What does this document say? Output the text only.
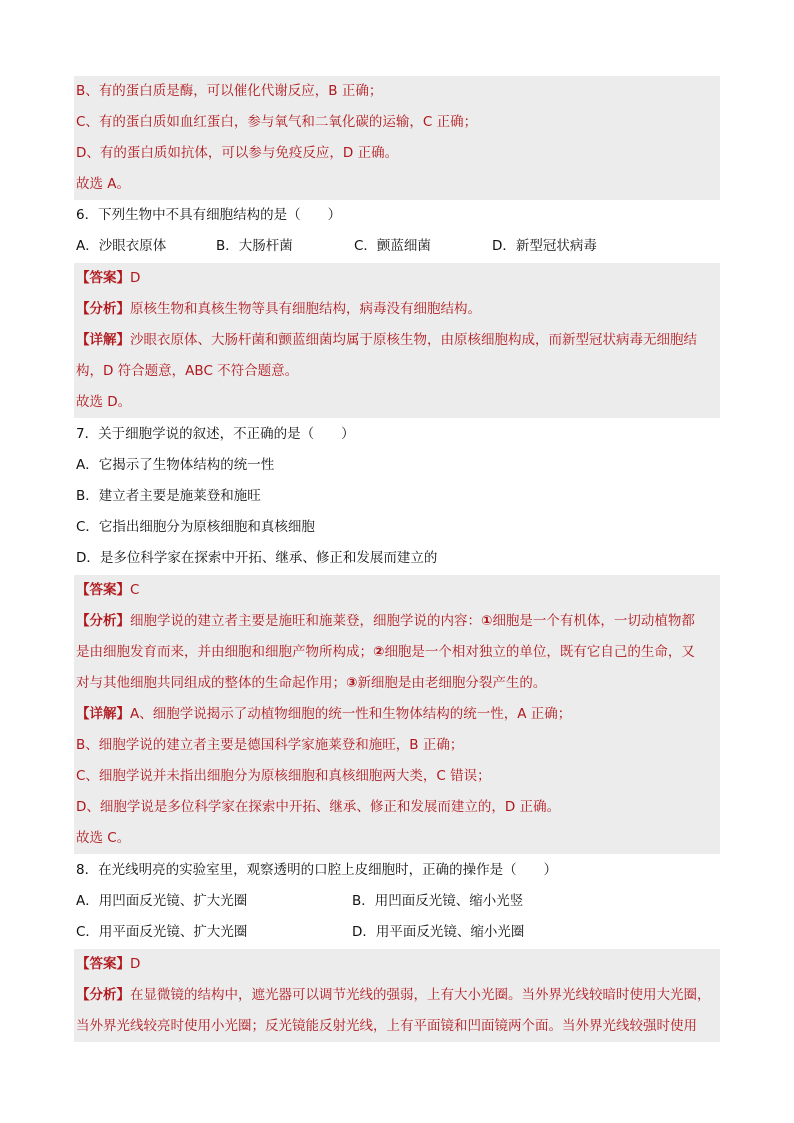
B、有的蛋白质是酶，可以催化代谢反应，B 正确；
C、有的蛋白质如血红蛋白，参与氧气和二氧化碳的运输，C 正确；
D、有的蛋白质如抗体，可以参与免疫反应，D 正确。
故选 A。
6．下列生物中不具有细胞结构的是（　　）
A．沙眼衣原体	B．大肠杆菌	C．颤蓝细菌	D．新型冠状病毒
【答案】D
【分析】原核生物和真核生物等具有细胞结构，病毒没有细胞结构。
【详解】沙眼衣原体、大肠杆菌和颤蓝细菌均属于原核生物，由原核细胞构成，而新型冠状病毒无细胞结
构，D 符合题意，ABC 不符合题意。
故选 D。
7．关于细胞学说的叙述，不正确的是（　　）
A．它揭示了生物体结构的统一性
B．建立者主要是施莱登和施旺
C．它指出细胞分为原核细胞和真核细胞
D．是多位科学家在探索中开拓、继承、修正和发展而建立的
【答案】C
【分析】细胞学说的建立者主要是施旺和施莱登，细胞学说的内容：①细胞是一个有机体，一切动植物都
是由细胞发育而来，并由细胞和细胞产物所构成；②细胞是一个相对独立的单位，既有它自己的生命，又
对与其他细胞共同组成的整体的生命起作用；③新细胞是由老细胞分裂产生的。
【详解】A、细胞学说揭示了动植物细胞的统一性和生物体结构的统一性，A 正确；
B、细胞学说的建立者主要是德国科学家施莱登和施旺，B 正确；
C、细胞学说并未指出细胞分为原核细胞和真核细胞两大类，C 错误；
D、细胞学说是多位科学家在探索中开拓、继承、修正和发展而建立的，D 正确。
故选 C。
8．在光线明亮的实验室里，观察透明的口腔上皮细胞时，正确的操作是（　　）
A．用凹面反光镜、扩大光圈	B．用凹面反光镜、缩小光竖
C．用平面反光镜、扩大光圈	D．用平面反光镜、缩小光圈
【答案】D
【分析】在显微镜的结构中，遮光器可以调节光线的强弱，上有大小光圈。当外界光线较暗时使用大光圈，
当外界光线较亮时使用小光圈；反光镜能反射光线，上有平面镜和凹面镜两个面。当外界光线较强时使用
